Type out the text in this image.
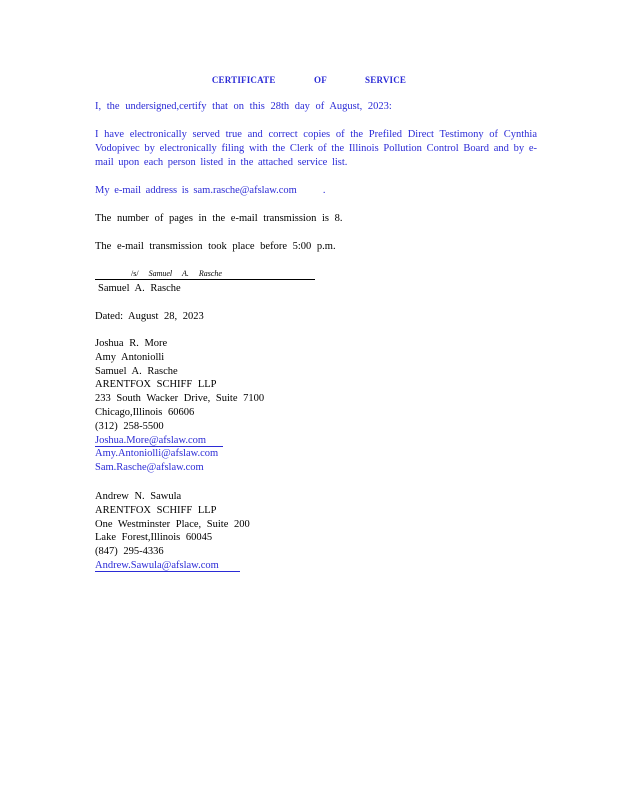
CERTIFICATE OF SERVICE
I, the undersigned,certify that on this 28th day of August, 2023:
I have electronically served true and correct copies of the Prefiled Direct Testimony of Cynthia Vodopivec by electronically filing with the Clerk of the Illinois Pollution Control Board and by e-mail upon each person listed in the attached service list.
My e-mail address is sam.rasche@afslaw.com .
The number of pages in the e-mail transmission is 8.
The e-mail transmission took place before 5:00 p.m.
/s/ Samuel A. Rasche
Samuel A. Rasche
Dated: August 28, 2023
Joshua R. More
Amy Antoniolli
Samuel A. Rasche
ARENTFOX SCHIFF LLP
233 South Wacker Drive, Suite 7100
Chicago,Illinois 60606
(312) 258-5500
Joshua.More@afslaw.com
Amy.Antoniolli@afslaw.com
Sam.Rasche@afslaw.com
Andrew N. Sawula
ARENTFOX SCHIFF LLP
One Westminster Place, Suite 200
Lake Forest,Illinois 60045
(847) 295-4336
Andrew.Sawula@afslaw.com
